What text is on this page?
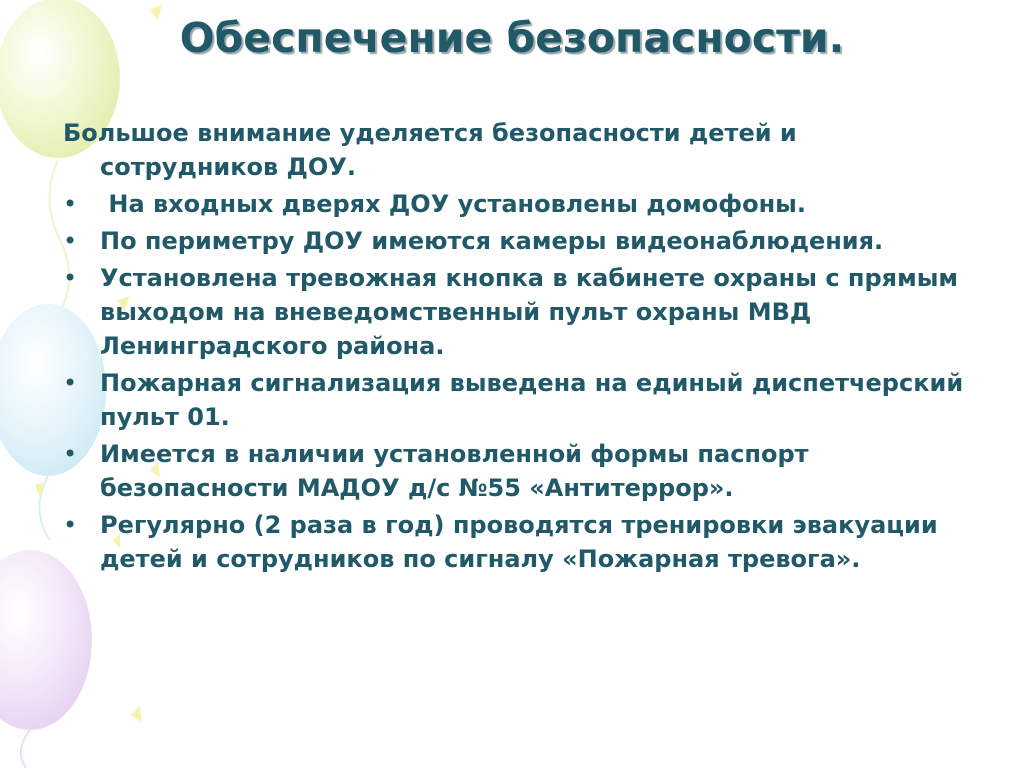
Обеспечение безопасности.

Большое внимание уделяется безопасности детей и сотрудников ДОУ.

• На входных дверях ДОУ установлены домофоны.
• По периметру ДОУ имеются камеры видеонаблюдения.
• Установлена тревожная кнопка в кабинете охраны с прямым выходом на вневедомственный пульт охраны МВД Ленинградского района.
• Пожарная сигнализация выведена на единый диспетчерский пульт 01.
• Имеется в наличии установленной формы паспорт безопасности МАДОУ д/с №55 «Антитеррор».
• Регулярно (2 раза в год) проводятся тренировки эвакуации детей и сотрудников по сигналу «Пожарная тревога».
